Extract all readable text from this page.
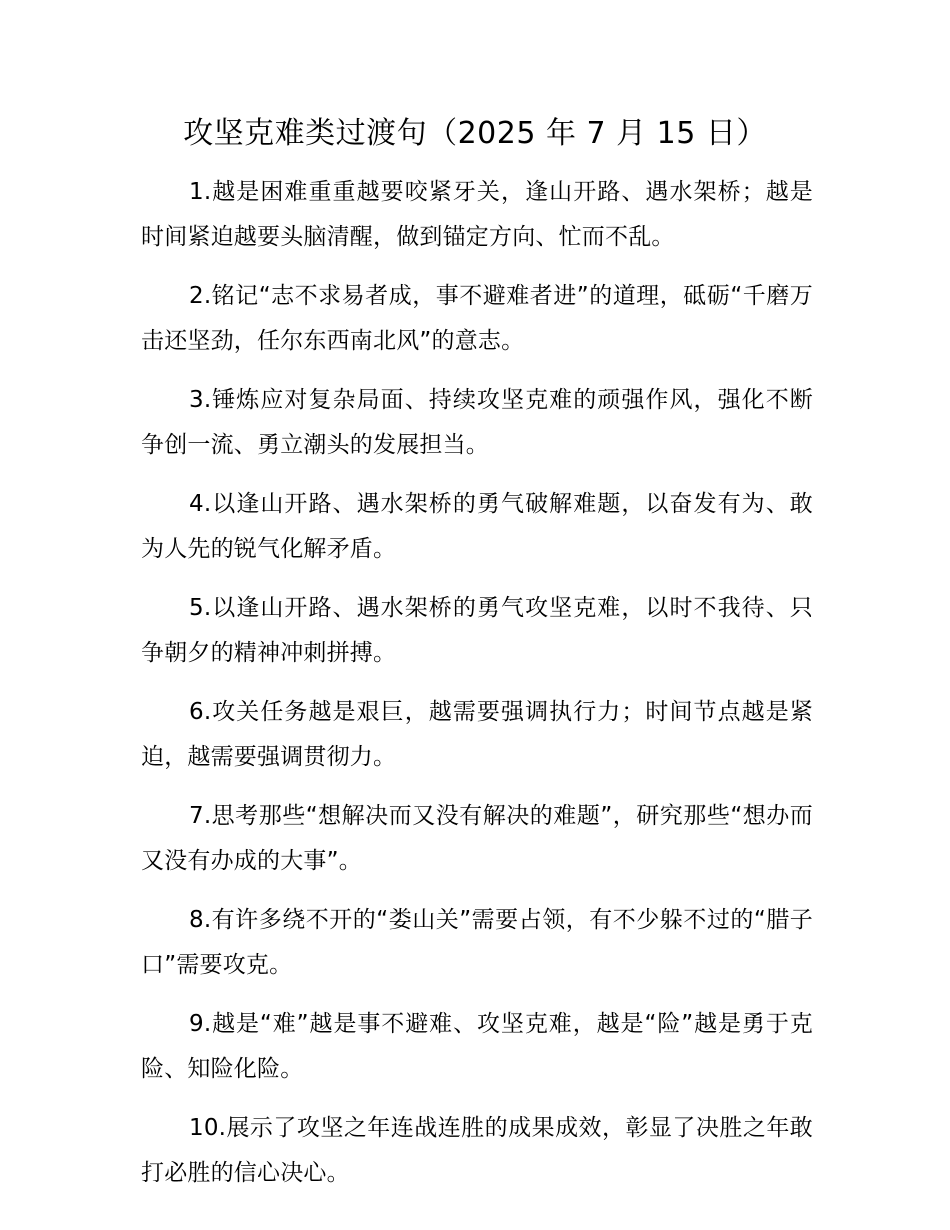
攻坚克难类过渡句（2025 年 7 月 15 日）

1.越是困难重重越要咬紧牙关，逢山开路、遇水架桥；越是时间紧迫越要头脑清醒，做到锚定方向、忙而不乱。

2.铭记“志不求易者成，事不避难者进”的道理，砥砺“千磨万击还坚劲，任尔东西南北风”的意志。

3.锤炼应对复杂局面、持续攻坚克难的顽强作风，强化不断争创一流、勇立潮头的发展担当。

4.以逢山开路、遇水架桥的勇气破解难题，以奋发有为、敢为人先的锐气化解矛盾。

5.以逢山开路、遇水架桥的勇气攻坚克难，以时不我待、只争朝夕的精神冲刺拼搏。

6.攻关任务越是艰巨，越需要强调执行力；时间节点越是紧迫，越需要强调贯彻力。

7.思考那些“想解决而又没有解决的难题”，研究那些“想办而又没有办成的大事”。

8.有许多绕不开的“娄山关”需要占领，有不少躲不过的“腊子口”需要攻克。

9.越是“难”越是事不避难、攻坚克难，越是“险”越是勇于克险、知险化险。

10.展示了攻坚之年连战连胜的成果成效，彰显了决胜之年敢打必胜的信心决心。
